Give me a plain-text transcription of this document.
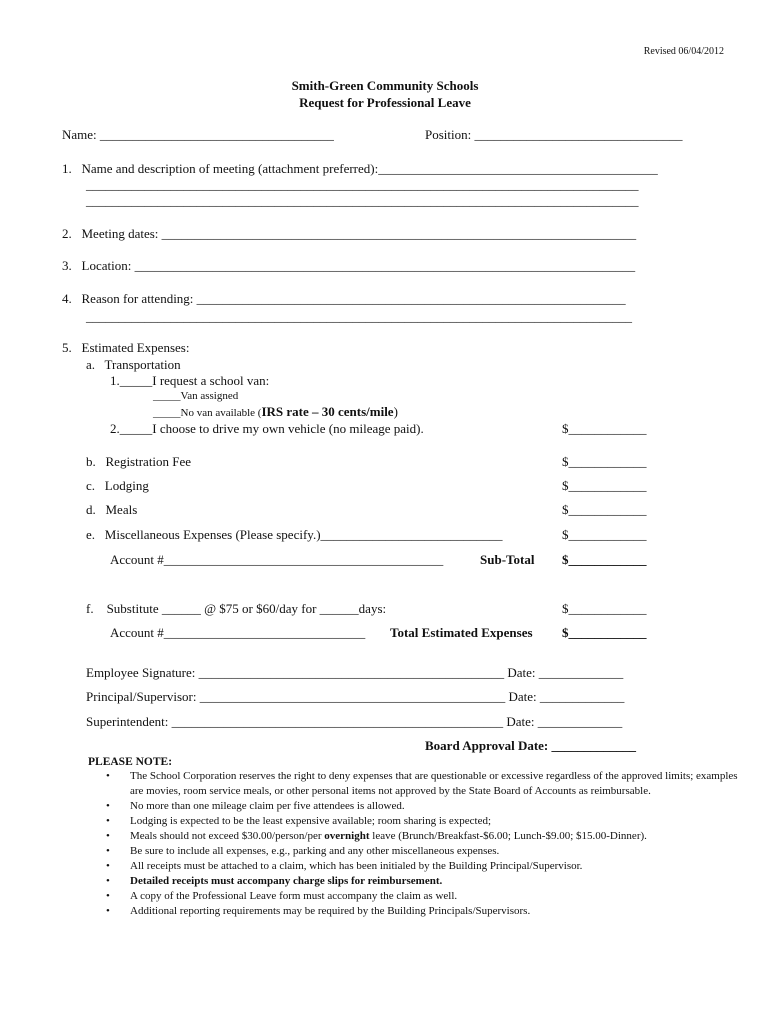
Revised 06/04/2012
Smith-Green Community Schools
Request for Professional Leave
Name: ____________________________________	Position: ________________________________
1.   Name and description of meeting (attachment preferred):___________________________________________
_____________________________________________________________________________________
_____________________________________________________________________________________
2.   Meeting dates: _________________________________________________________________________
3.   Location: _____________________________________________________________________________
4.   Reason for attending: __________________________________________________________________
____________________________________________________________________________________
5.   Estimated Expenses:
a.   Transportation
1._____I request a school van:
_____Van assigned
_____No van available (IRS rate – 30 cents/mile)
2._____I choose to drive my own vehicle (no mileage paid).	$____________
b.   Registration Fee	$____________
c.   Lodging	$____________
d.   Meals	$____________
e.   Miscellaneous Expenses (Please specify.)____________________________	$____________
Account #___________________________________________	Sub-Total $____________
f.    Substitute ______ @ $75 or $60/day for ______days:	$____________
Account #_______________________________ Total Estimated Expenses $____________
Employee Signature: _______________________________________________ Date: _____________
Principal/Supervisor: _______________________________________________ Date: _____________
Superintendent: ___________________________________________________ Date: _____________
Board Approval Date: _____________
PLEASE NOTE:
• The School Corporation reserves the right to deny expenses that are questionable or excessive regardless of the approved limits; examples are movies, room service meals, or other personal items not approved by the State Board of Accounts as reimbursable.
• No more than one mileage claim per five attendees is allowed.
• Lodging is expected to be the least expensive available; room sharing is expected;
• Meals should not exceed $30.00/person/per overnight leave (Brunch/Breakfast-$6.00; Lunch-$9.00; $15.00-Dinner).
• Be sure to include all expenses, e.g., parking and any other miscellaneous expenses.
• All receipts must be attached to a claim, which has been initialed by the Building Principal/Supervisor.
• Detailed receipts must accompany charge slips for reimbursement.
• A copy of the Professional Leave form must accompany the claim as well.
• Additional reporting requirements may be required by the Building Principals/Supervisors.
